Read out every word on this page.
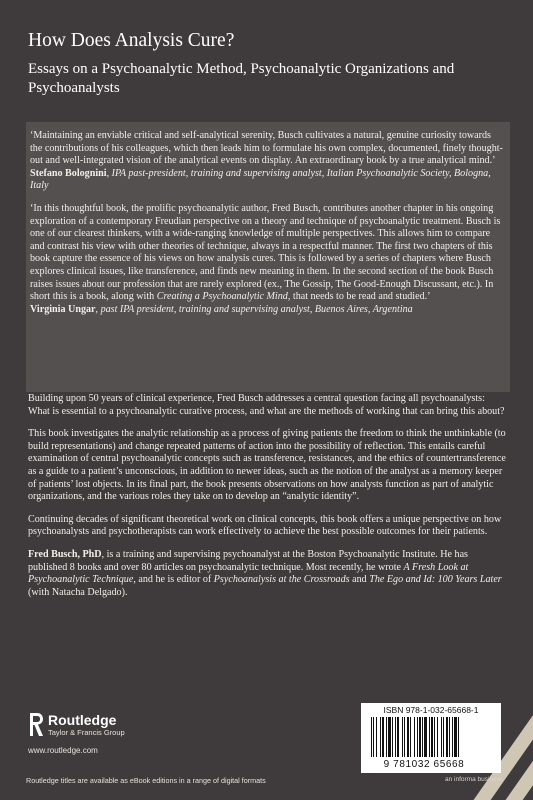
How Does Analysis Cure?
Essays on a Psychoanalytic Method, Psychoanalytic Organizations and Psychoanalysts

‘Maintaining an enviable critical and self-analytical serenity, Busch cultivates a natural, genuine curiosity towards the contributions of his colleagues, which then leads him to formulate his own complex, documented, finely thought-out and well-integrated vision of the analytical events on display. An extraordinary book by a true analytical mind.’
Stefano Bolognini, IPA past-president, training and supervising analyst, Italian Psychoanalytic Society, Bologna, Italy

‘In this thoughtful book, the prolific psychoanalytic author, Fred Busch, contributes another chapter in his ongoing exploration of a contemporary Freudian perspective on a theory and technique of psychoanalytic treatment. Busch is one of our clearest thinkers, with a wide-ranging knowledge of multiple perspectives. This allows him to compare and contrast his view with other theories of technique, always in a respectful manner. The first two chapters of this book capture the essence of his views on how analysis cures. This is followed by a series of chapters where Busch explores clinical issues, like transference, and finds new meaning in them. In the second section of the book Busch raises issues about our profession that are rarely explored (ex., The Gossip, The Good-Enough Discussant, etc.). In short this is a book, along with Creating a Psychoanalytic Mind, that needs to be read and studied.’
Virginia Ungar, past IPA president, training and supervising analyst, Buenos Aires, Argentina

Building upon 50 years of clinical experience, Fred Busch addresses a central question facing all psychoanalysts: What is essential to a psychoanalytic curative process, and what are the methods of working that can bring this about?

This book investigates the analytic relationship as a process of giving patients the freedom to think the unthinkable (to build representations) and change repeated patterns of action into the possibility of reflection. This entails careful examination of central psychoanalytic concepts such as transference, resistances, and the ethics of countertransference as a guide to a patient’s unconscious, in addition to newer ideas, such as the notion of the analyst as a memory keeper of patients’ lost objects. In its final part, the book presents observations on how analysts function as part of analytic organizations, and the various roles they take on to develop an “analytic identity”.

Continuing decades of significant theoretical work on clinical concepts, this book offers a unique perspective on how psychoanalysts and psychotherapists can work effectively to achieve the best possible outcomes for their patients.

Fred Busch, PhD, is a training and supervising psychoanalyst at the Boston Psychoanalytic Institute. He has published 8 books and over 80 articles on psychoanalytic technique. Most recently, he wrote A Fresh Look at Psychoanalytic Technique, and he is editor of Psychoanalysis at the Crossroads and The Ego and Id: 100 Years Later (with Natacha Delgado).

Routledge
Taylor & Francis Group
www.routledge.com
Routledge titles are available as eBook editions in a range of digital formats
ISBN 978-1-032-65668-1
9 781032 65668
an informa business
